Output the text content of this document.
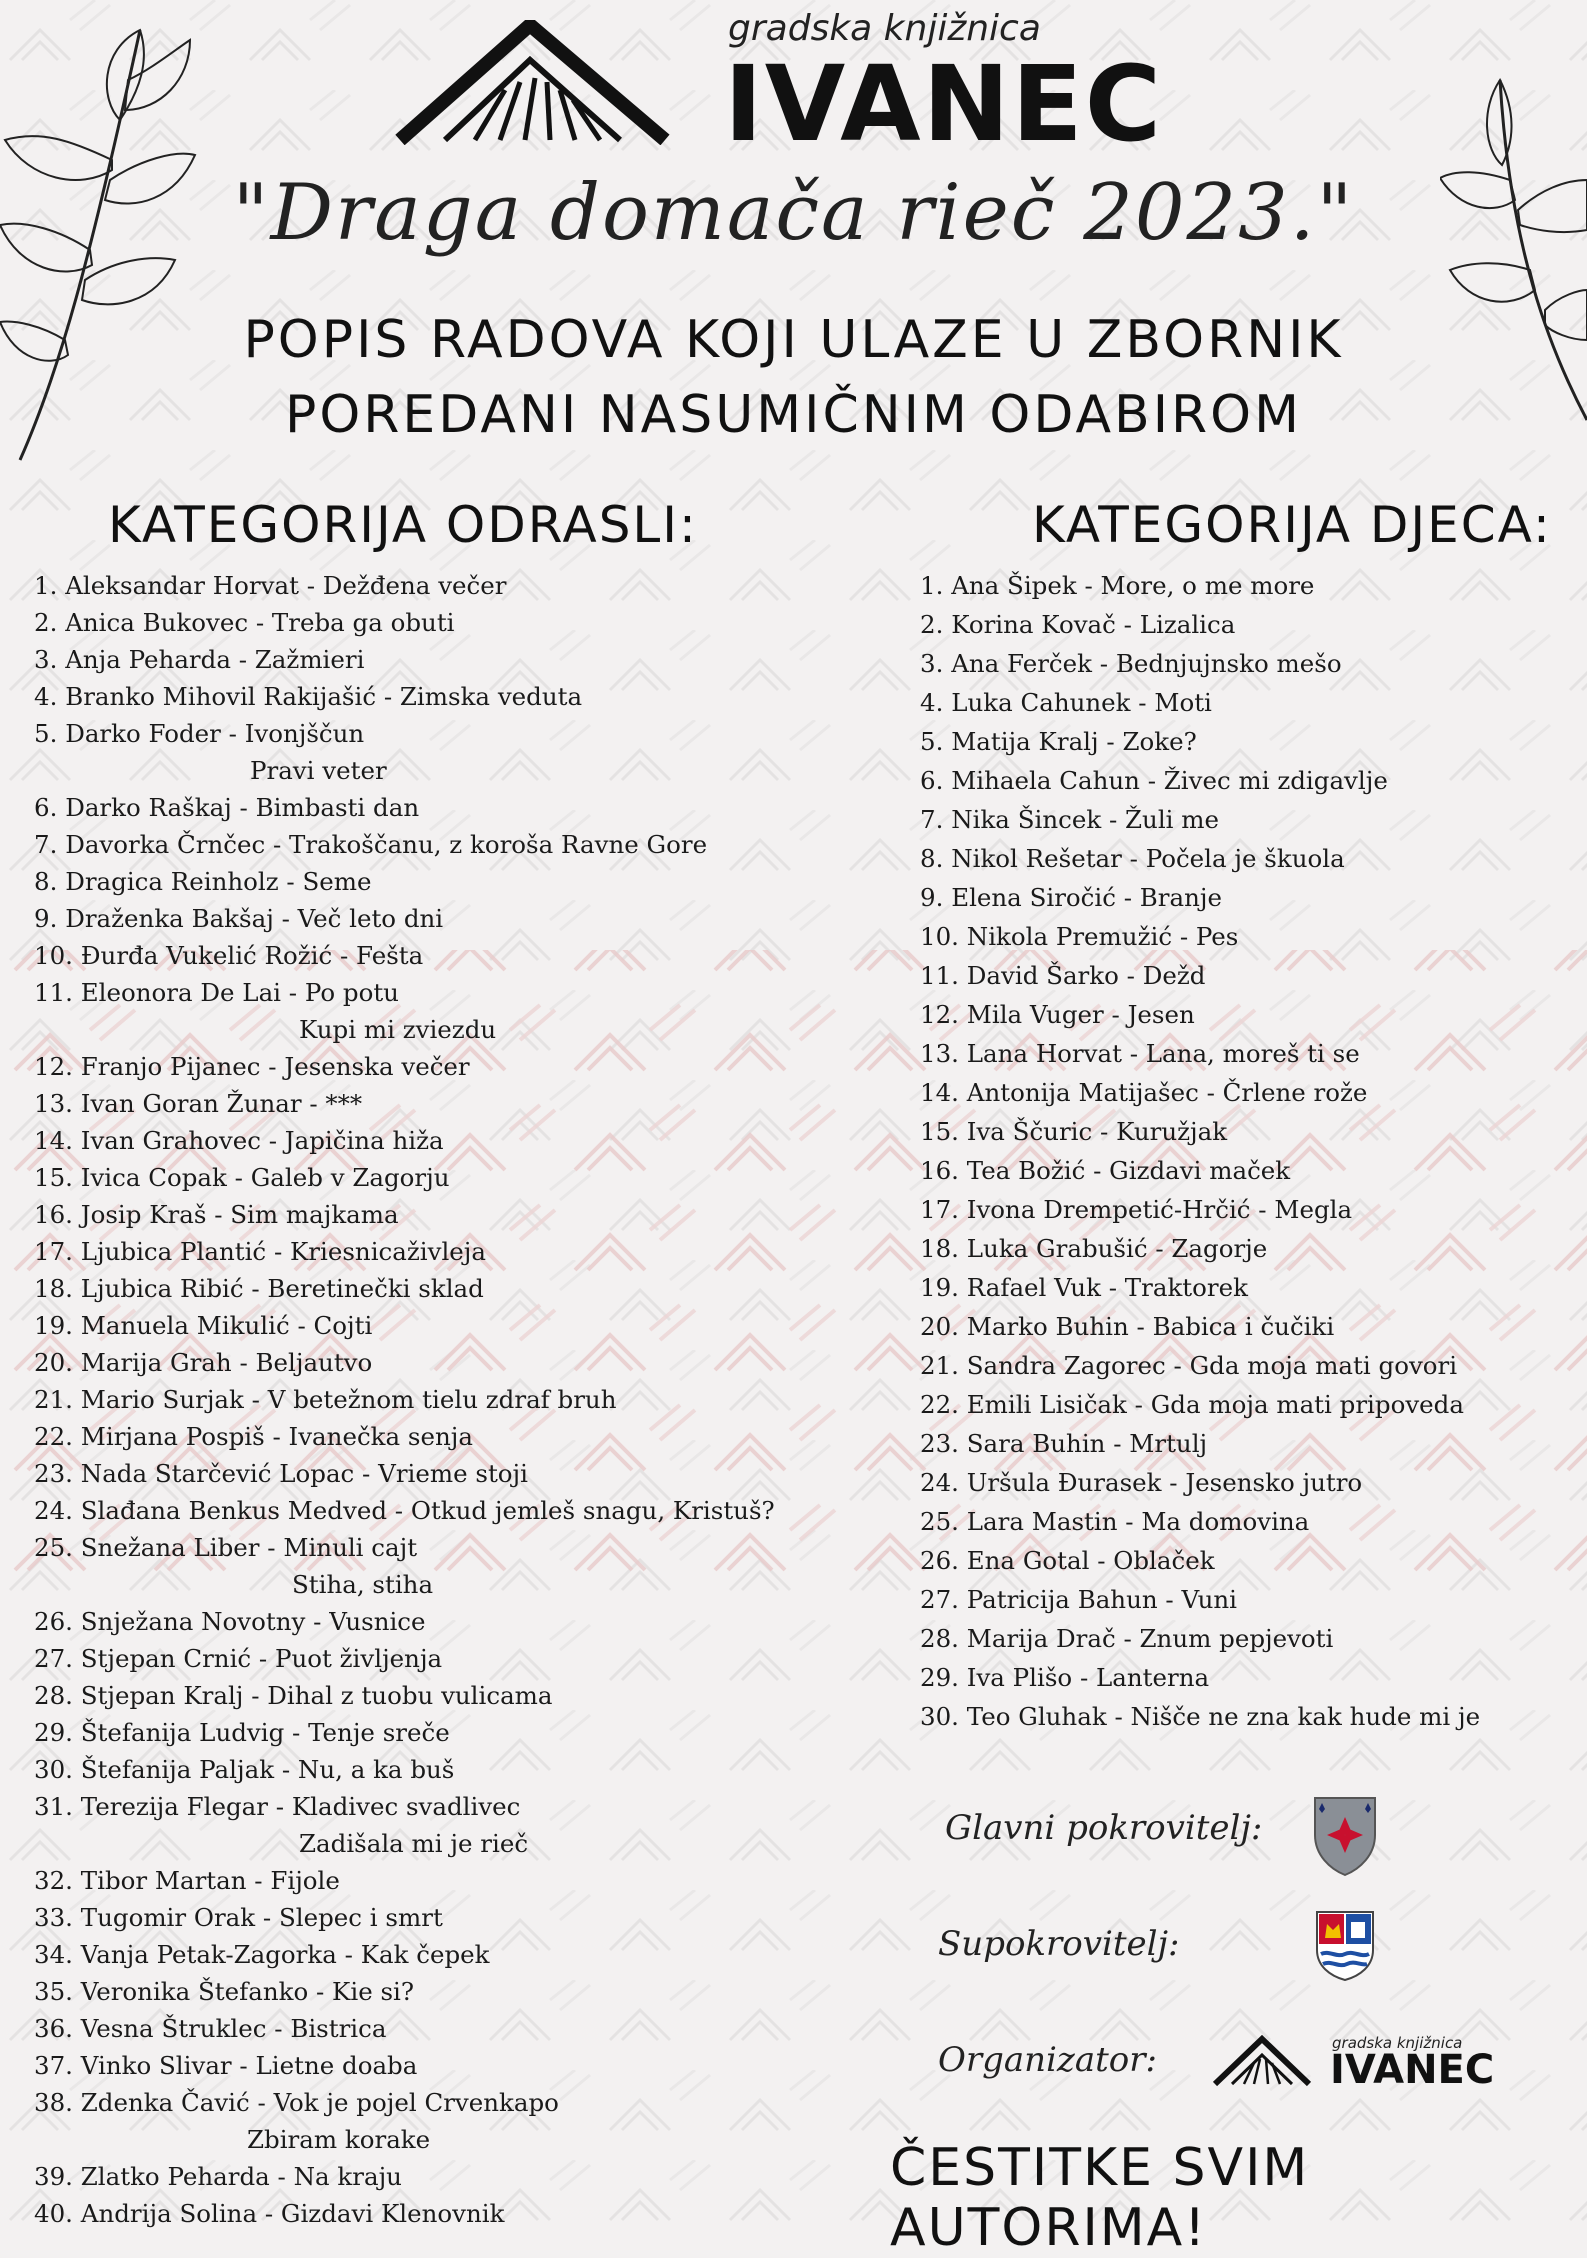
gradska knjižnica
IVANEC
"Draga domača rieč 2023."
POPIS RADOVA KOJI ULAZE U ZBORNIK
POREDANI NASUMIČNIM ODABIROM
KATEGORIJA ODRASLI:
1. Aleksandar Horvat - Dežđena večer
2. Anica Bukovec - Treba ga obuti
3. Anja Peharda - Zažmieri
4. Branko Mihovil Rakijašić - Zimska veduta
5. Darko Foder - Ivonjščun
Pravi veter
6. Darko Raškaj - Bimbasti dan
7. Davorka Črnčec - Trakoščanu, z koroša Ravne Gore
8. Dragica Reinholz - Seme
9. Draženka Bakšaj - Več leto dni
10. Đurđa Vukelić Rožić - Fešta
11. Eleonora De Lai - Po potu
Kupi mi zviezdu
12. Franjo Pijanec - Jesenska večer
13. Ivan Goran Žunar - ***
14. Ivan Grahovec - Japičina hiža
15. Ivica Copak - Galeb v Zagorju
16. Josip Kraš - Sim majkama
17. Ljubica Plantić - Kriesnicaživleja
18. Ljubica Ribić - Beretinečki sklad
19. Manuela Mikulić - Cojti
20. Marija Grah - Beljautvo
21. Mario Surjak - V betežnom tielu zdraf bruh
22. Mirjana Pospiš - Ivanečka senja
23. Nada Starčević Lopac - Vrieme stoji
24. Slađana Benkus Medved - Otkud jemleš snagu, Kristuš?
25. Snežana Liber - Minuli cajt
Stiha, stiha
26. Snježana Novotny - Vusnice
27. Stjepan Crnić - Puot življenja
28. Stjepan Kralj - Dihal z tuobu vulicama
29. Štefanija Ludvig - Tenje sreče
30. Štefanija Paljak - Nu, a ka buš
31. Terezija Flegar - Kladivec svadlivec
Zadišala mi je rieč
32. Tibor Martan - Fijole
33. Tugomir Orak - Slepec i smrt
34. Vanja Petak-Zagorka - Kak čepek
35. Veronika Štefanko - Kie si?
36. Vesna Štruklec - Bistrica
37. Vinko Slivar - Lietne doaba
38. Zdenka Čavić - Vok je pojel Crvenkapo
Zbiram korake
39. Zlatko Peharda - Na kraju
40. Andrija Solina - Gizdavi Klenovnik
KATEGORIJA DJECA:
1. Ana Šipek - More, o me more
2. Korina Kovač - Lizalica
3. Ana Ferček - Bednjujnsko mešo
4. Luka Cahunek - Moti
5. Matija Kralj - Zoke?
6. Mihaela Cahun - Živec mi zdigavlje
7. Nika Šincek - Žuli me
8. Nikol Rešetar - Počela je škuola
9. Elena Siročić - Branje
10. Nikola Premužić - Pes
11. David Šarko - Dežd
12. Mila Vuger - Jesen
13. Lana Horvat - Lana, moreš ti se
14. Antonija Matijašec - Črlene rože
15. Iva Ščuric - Kuružjak
16. Tea Božić - Gizdavi maček
17. Ivona Drempetić-Hrčić - Megla
18. Luka Grabušić - Zagorje
19. Rafael Vuk - Traktorek
20. Marko Buhin - Babica i čučiki
21. Sandra Zagorec - Gda moja mati govori
22. Emili Lisičak - Gda moja mati pripoveda
23. Sara Buhin - Mrtulj
24. Uršula Đurasek - Jesensko jutro
25. Lara Mastin - Ma domovina
26. Ena Gotal - Oblaček
27. Patricija Bahun - Vuni
28. Marija Drač - Znum pepjevoti
29. Iva Plišo - Lanterna
30. Teo Gluhak - Nišče ne zna kak hude mi je
Glavni pokrovitelj:
Supokrovitelj:
Organizator:	gradska knjižnica
IVANEC
ČESTITKE SVIM AUTORIMA!
